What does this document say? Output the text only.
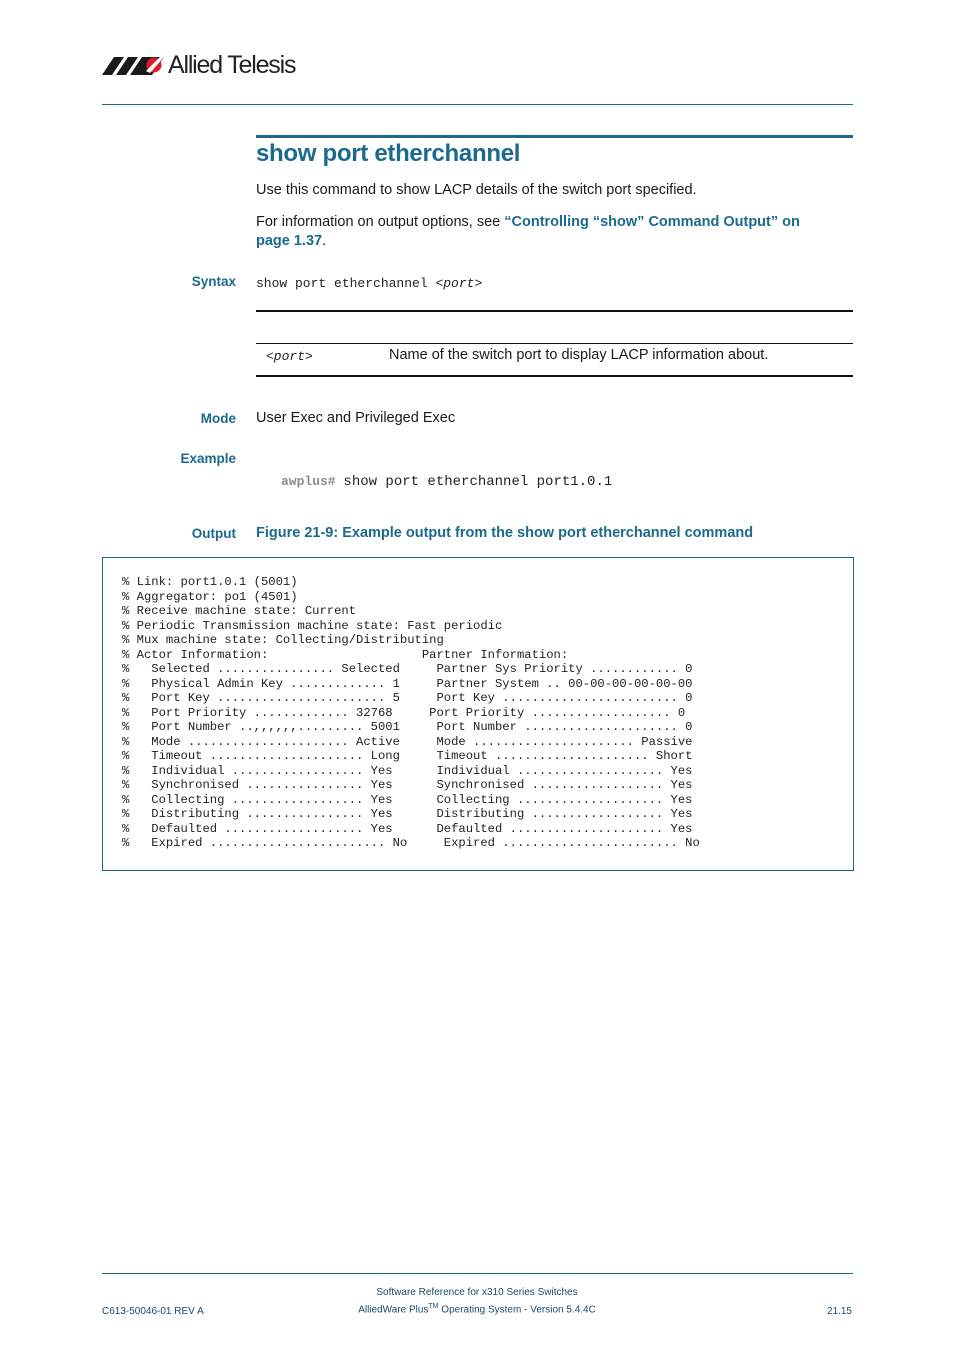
Allied Telesis
show port etherchannel
Use this command to show LACP details of the switch port specified.
For information on output options, see “Controlling “show” Command Output” on
page 1.37.
Syntax show port etherchannel <port>
<port>	Name of the switch port to display LACP information about.
Mode User Exec and Privileged Exec
Example
awplus# show port etherchannel port1.0.1
Output Figure 21-9: Example output from the show port etherchannel command
% Link: port1.0.1 (5001)
% Aggregator: po1 (4501)
% Receive machine state: Current
% Periodic Transmission machine state: Fast periodic
% Mux machine state: Collecting/Distributing
% Actor Information:                     Partner Information:
%   Selected ................ Selected     Partner Sys Priority ............ 0
%   Physical Admin Key ............. 1     Partner System .. 00-00-00-00-00-00
%   Port Key ....................... 5     Port Key ........................ 0
%   Port Priority ............. 32768     Port Priority ................... 0
%   Port Number ..,,,,,,......... 5001     Port Number ..................... 0
%   Mode ...................... Active     Mode ...................... Passive
%   Timeout ..................... Long     Timeout ..................... Short
%   Individual .................. Yes      Individual .................... Yes
%   Synchronised ................ Yes      Synchronised .................. Yes
%   Collecting .................. Yes      Collecting .................... Yes
%   Distributing ................ Yes      Distributing .................. Yes
%   Defaulted ................... Yes      Defaulted ..................... Yes
%   Expired ........................ No     Expired ........................ No
C613-50046-01 REV A
Software Reference for x310 Series Switches
AlliedWare Plus™ Operating System - Version 5.4.4C	21.15
